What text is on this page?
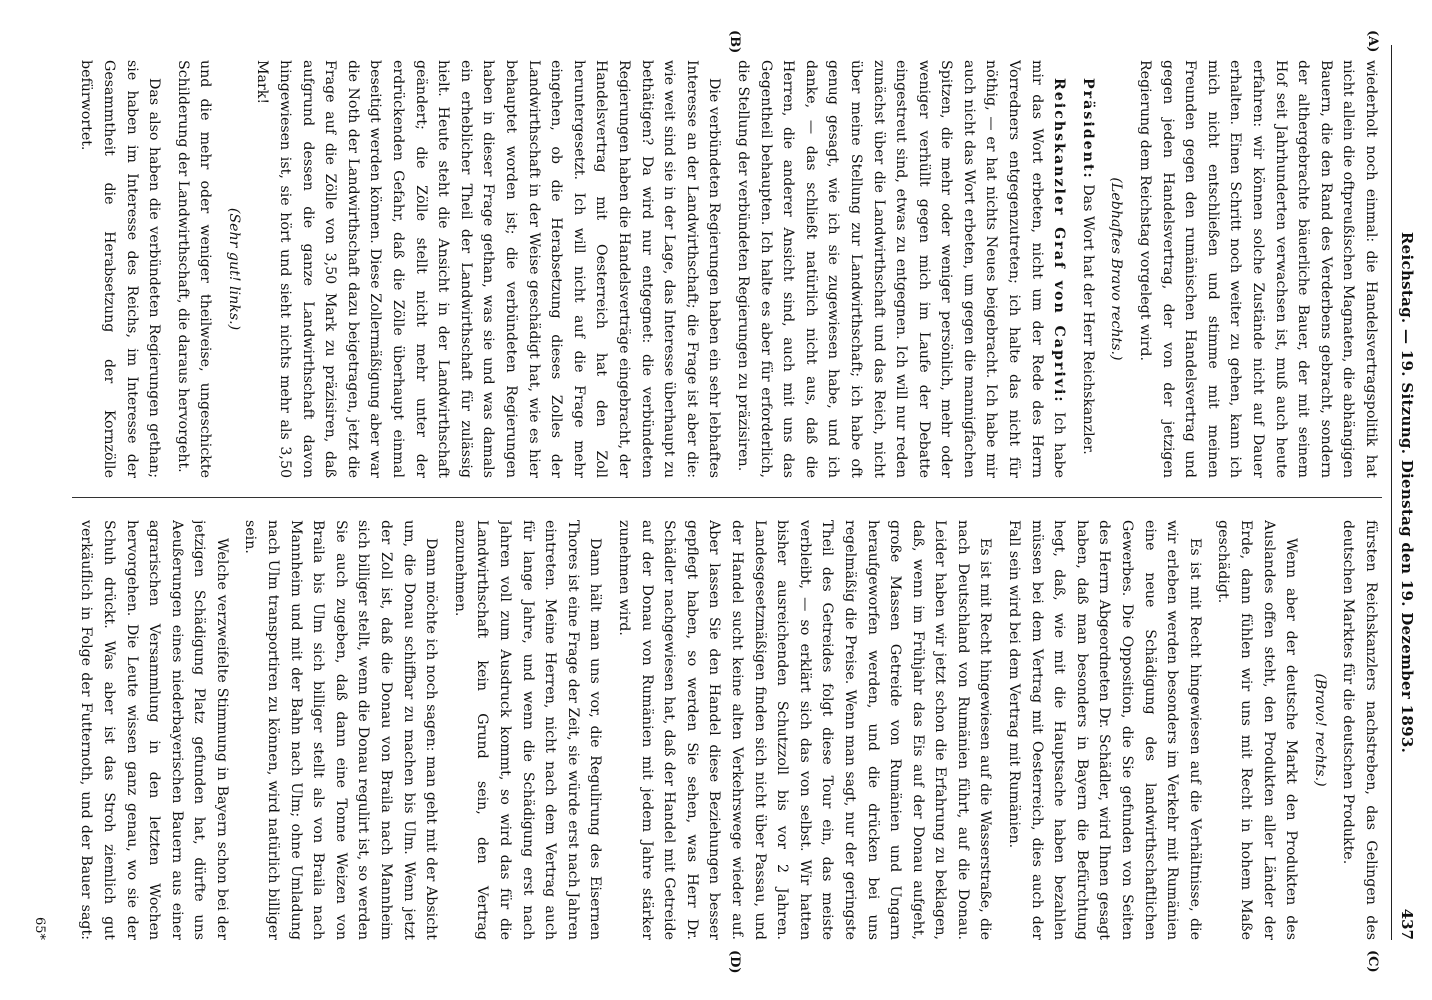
Reichstag. — 19. Sitzung. Dienstag den 19. Dezember 1893.
437
(C)
(D)
(A)
(B)

wiederholt noch einmal: die Handelsvertragspolitik hat nicht allein die oftpreußischen Magnaten, die abhängigen Bauern, die den Rand des Verderbens gebracht, sondern der althergebrachte bäuerliche Bauer, der mit seinem Hof seit Jahrhunderten verwachsen ist, muß auch heute erfahren: wir können solche Zustände nicht auf Dauer erhalten. Einen Schritt noch weiter zu gehen, kann ich mich nicht entschließen und stimme mit meinen Freunden gegen den rumänischen Handelsvertrag und gegen jeden Handelsvertrag, der von der jetzigen Regierung dem Reichstag vorgelegt wird.

(Lebhaftes Bravo rechts.)

Präsident: Das Wort hat der Herr Reichskanzler.

Reichskanzler Graf von Caprivi: Ich habe mir das Wort erbeten, nicht um der Rede des Herrn Vorredners entgegenzutreten; ich halte das nicht für nöthig, — er hat nichts Neues beigebracht. Ich habe mir auch nicht das Wort erbeten, um gegen die mannigfachen Spitzen, die mehr oder weniger persönlich, mehr oder weniger verhüllt gegen mich im Laufe der Debatte eingestreut sind, etwas zu entgegnen. Ich will nur reden zunächst über die Landwirthschaft und das Reich, nicht über meine Stellung zur Landwirthschaft; ich habe oft genug gesagt, wie ich sie zugewiesen habe, und ich danke, — das schließt natürlich nicht aus, daß die Herren, die anderer Ansicht sind, auch mit uns das Gegentheil behaupten. Ich halte es aber für erforderlich, die Stellung der verbündeten Regierungen zu präzisiren.

Die verbündeten Regierungen haben ein sehr lebhaftes Interesse an der Landwirthschaft; die Frage ist aber die: wie weit sind sie in der Lage, das Interesse überhaupt zu bethätigen? Da wird nur entgegnet: die verbündeten Regierungen haben die Handelsverträge eingebracht, der Handelsvertrag mit Oesterreich hat den Zoll heruntergesetzt. Ich will nicht auf die Frage mehr eingehen, ob die Herabsetzung dieses Zolles der Landwirthschaft in der Weise geschädigt hat, wie es hier behauptet worden ist; die verbündeten Regierungen haben in dieser Frage gethan, was sie und was damals ein erheblicher Theil der Landwirthschaft für zulässig hielt. Heute steht die Ansicht in der Landwirthschaft geändert; die Zölle stellt nicht mehr unter der erdrückenden Gefahr, daß die Zölle überhaupt einmal beseitigt werden können. Diese Zollermäßigung aber war die Noth der Landwirthschaft dazu beigetragen, jetzt die Frage auf die Zölle von 3,50 Mark zu präzisiren, daß aufgrund dessen die ganze Landwirthschaft davon hingewiesen ist, sie hört und sieht nichts mehr als 3,50 Mark!

(Sehr gut! links.)

und die mehr oder weniger theilweise, ungeschickte Schilderung der Landwirthschaft, die daraus hervorgeht.

Das also haben die verbündeten Regierungen gethan; sie haben im Interesse des Reichs, im Interesse der Gesammtheit die Herabsetzung der Kornzölle befürwortet.

fürsten Reichskanzlers nachstreben, das Gelingen des deutschen Marktes für die deutschen Produkte.

(Bravo! rechts.)

Wenn aber der deutsche Markt den Produkten des Auslandes offen steht, den Produkten aller Länder der Erde, dann fühlen wir uns mit Recht in hohem Maße geschädigt.

Es ist mit Recht hingewiesen auf die Verhältnisse, die wir erleben werden besonders im Verkehr mit Rumänien eine neue Schädigung des landwirthschaftlichen Gewerbes. Die Opposition, die Sie gefunden von Seiten des Herrn Abgeordneten Dr. Schädler, wird Ihnen gesagt haben, daß man besonders in Bayern die Befürchtung hegt, daß, wie mit die Hauptsache haben bezahlen müssen bei dem Vertrag mit Oesterreich, dies auch der Fall sein wird bei dem Vertrag mit Rumänien.

Es ist mit Recht hingewiesen auf die Wasserstraße, die nach Deutschland von Rumänien führt, auf die Donau. Leider haben wir jetzt schon die Erfahrung zu beklagen, daß, wenn im Frühjahr das Eis auf der Donau aufgeht, große Massen Getreide von Rumänien und Ungarn heraufgeworfen werden, und die drücken bei uns regelmäßig die Preise. Wenn man sagt, nur der geringste Theil des Getreides folgt diese Tour ein, das meiste verbleibt, — so erklärt sich das von selbst. Wir hatten bisher ausreichenden Schutzzoll bis vor 2 Jahren. Landesgesetzmäßigen finden sich nicht über Passau, und der Handel sucht keine alten Verkehrswege wieder auf. Aber lassen Sie den Handel diese Beziehungen besser gepflegt haben, so werden Sie sehen, was Herr Dr. Schädler nachgewiesen hat, daß der Handel mit Getreide auf der Donau von Rumänien mit jedem Jahre stärker zunehmen wird.

Dann hält man uns vor, die Regulirung des Eisernen Thores ist eine Frage der Zeit, sie würde erst nach Jahren eintreten. Meine Herren, nicht nach dem Vertrag auch für lange Jahre, und wenn die Schädigung erst nach Jahren voll zum Ausdruck kommt, so wird das für die Landwirthschaft kein Grund sein, den Vertrag anzunehmen.

Dann möchte ich noch sagen: man geht mit der Absicht um, die Donau schiffbar zu machen bis Ulm. Wenn jetzt der Zoll ist, daß die Donau von Braila nach Mannheim sich billiger stellt, wenn die Donau regulirt ist, so werden Sie auch zugeben, daß dann eine Tonne Weizen von Braila bis Ulm sich billiger stellt als von Braila nach Mannheim und mit der Bahn nach Ulm; ohne Umladung nach Ulm transportiren zu können, wird natürlich billiger sein.

Welche verzweifelte Stimmung in Bayern schon bei der jetzigen Schädigung Platz gefunden hat, dürfte uns Aeußerungen eines niederbayerischen Bauern aus einer agrarischen Versammlung in den letzten Wochen hervorgehen. Die Leute wissen ganz genau, wo sie der Schuh drückt. Was aber ist das Stroh ziemlich gut verkäuflich in Folge der Futternoth, und der Bauer sagt:

65*
